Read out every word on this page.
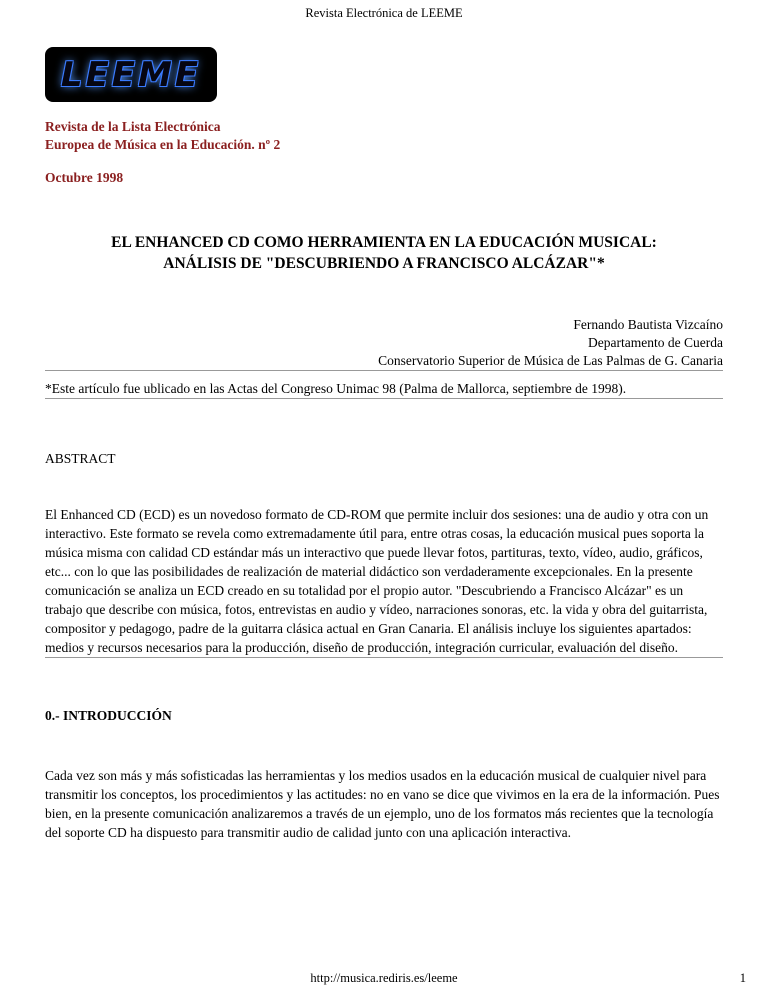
Revista Electrónica de LEEME
LEEME
Revista de la Lista Electrónica
Europea de Música en la Educación. nº 2
Octubre 1998
EL ENHANCED CD COMO HERRAMIENTA EN LA EDUCACIÓN MUSICAL:
ANÁLISIS DE "DESCUBRIENDO A FRANCISCO ALCÁZAR"*
Fernando Bautista Vizcaíno
Departamento de Cuerda
Conservatorio Superior de Música de Las Palmas de G. Canaria
*Este artículo fue ublicado en las Actas del Congreso Unimac 98 (Palma de Mallorca, septiembre de 1998).
ABSTRACT

El Enhanced CD (ECD) es un novedoso formato de CD-ROM que permite incluir dos sesiones: una de audio y otra con un interactivo. Este formato se revela como extremadamente útil para, entre otras cosas, la educación musical pues soporta la música misma con calidad CD estándar más un interactivo que puede llevar fotos, partituras, texto, vídeo, audio, gráficos, etc... con lo que las posibilidades de realización de material didáctico son verdaderamente excepcionales. En la presente comunicación se analiza un ECD creado en su totalidad por el propio autor. "Descubriendo a Francisco Alcázar" es un trabajo que describe con música, fotos, entrevistas en audio y vídeo, narraciones sonoras, etc. la vida y obra del guitarrista, compositor y pedagogo, padre de la guitarra clásica actual en Gran Canaria. El análisis incluye los siguientes apartados: medios y recursos necesarios para la producción, diseño de producción, integración curricular, evaluación del diseño.

0.- INTRODUCCIÓN

Cada vez son más y más sofisticadas las herramientas y los medios usados en la educación musical de cualquier nivel para transmitir los conceptos, los procedimientos y las actitudes: no en vano se dice que vivimos en la era de la información. Pues bien, en la presente comunicación analizaremos a través de un ejemplo, uno de los formatos más recientes que la tecnología del soporte CD ha dispuesto para transmitir audio de calidad junto con una aplicación interactiva.

http://musica.rediris.es/leeme	1
